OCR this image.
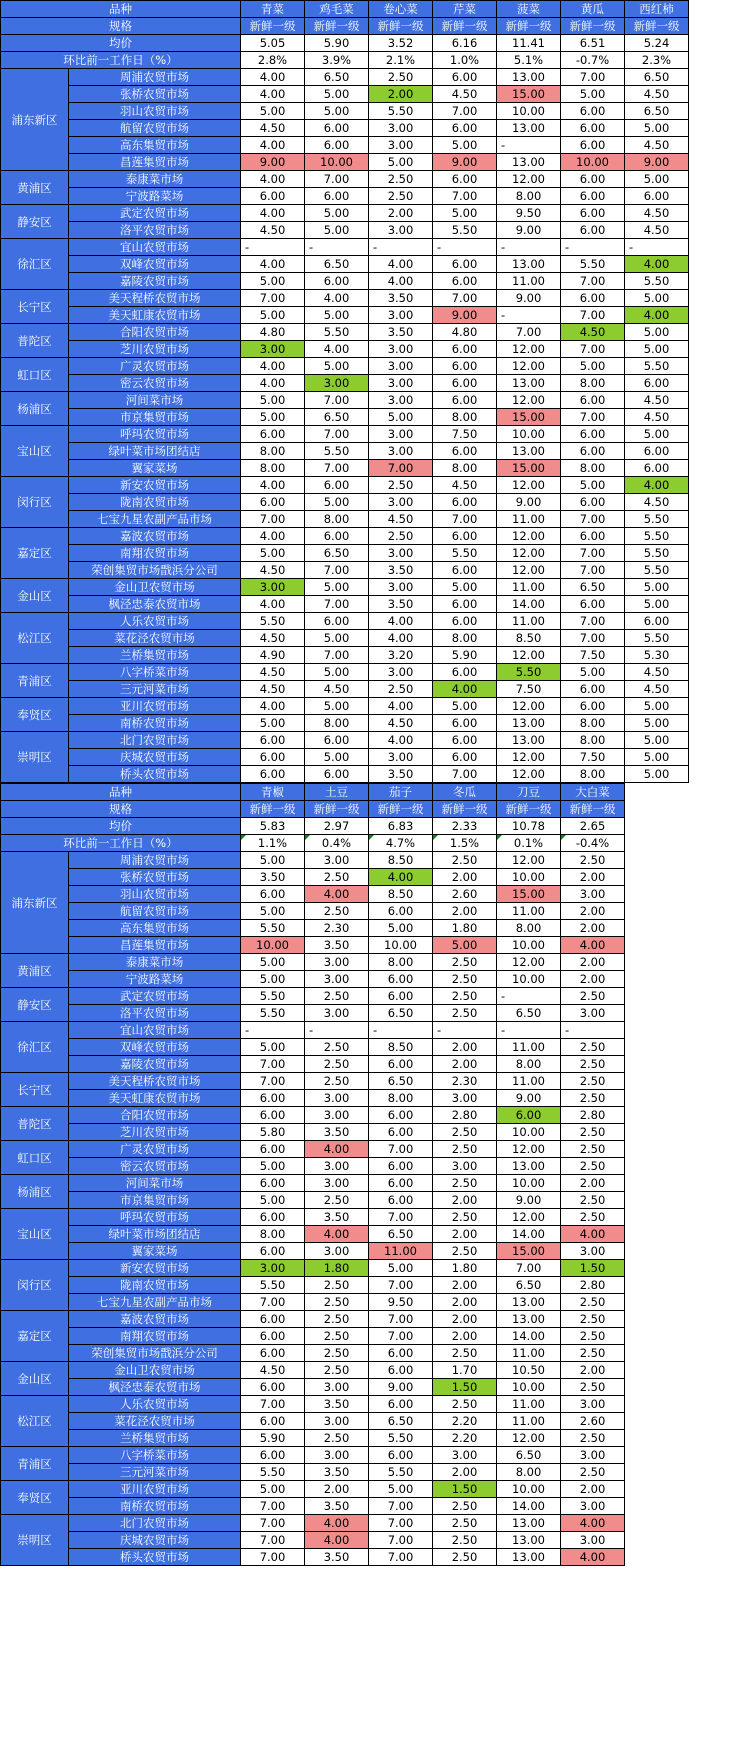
品种		青菜	鸡毛菜	卷心菜	芹菜	菠菜	黄瓜	西红柿
规格		新鲜一级	新鲜一级	新鲜一级	新鲜一级	新鲜一级	新鲜一级	新鲜一级
均价		5.05	5.90	3.52	6.16	11.41	6.51	5.24
环比前一工作日（%）		2.8%	3.9%	2.1%	1.0%	5.1%	-0.7%	2.3%
浦东新区	周浦农贸市场	4.00	6.50	2.50	6.00	13.00	7.00	6.50
	张桥农贸市场	4.00	5.00	2.00	4.50	15.00	5.00	4.50
	羽山农贸市场	5.00	5.00	5.50	7.00	10.00	6.00	6.50
	航留农贸市场	4.50	6.00	3.00	6.00	13.00	6.00	5.00
	高东集贸市场	4.00	6.00	3.00	5.00	-	6.00	4.50
	昌莲集贸市场	9.00	10.00	5.00	9.00	13.00	10.00	9.00
黄浦区	泰康菜市场	4.00	7.00	2.50	6.00	12.00	6.00	5.00
	宁波路菜场	6.00	6.00	2.50	7.00	8.00	6.00	6.00
静安区	武定农贸市场	4.00	5.00	2.00	5.00	9.50	6.00	4.50
	洛平农贸市场	4.50	5.00	3.00	5.50	9.00	6.00	4.50
徐汇区	宜山农贸市场	-	-	-	-	-	-	-
	双峰农贸市场	4.00	6.50	4.00	6.00	13.00	5.50	4.00
	嘉陵农贸市场	5.00	6.00	4.00	6.00	11.00	7.00	5.50
长宁区	美天程桥农贸市场	7.00	4.00	3.50	7.00	9.00	6.00	5.00
	美天虹康农贸市场	5.00	5.00	3.00	9.00	-	7.00	4.00
普陀区	合阳农贸市场	4.80	5.50	3.50	4.80	7.00	4.50	5.00
	芝川农贸市场	3.00	4.00	3.00	6.00	12.00	7.00	5.00
虹口区	广灵农贸市场	4.00	5.00	3.00	6.00	12.00	5.00	5.50
	密云农贸市场	4.00	3.00	3.00	6.00	13.00	8.00	6.00
杨浦区	河间菜市场	5.00	7.00	3.00	6.00	12.00	6.00	4.50
	市京集贸市场	5.00	6.50	5.00	8.00	15.00	7.00	4.50
宝山区	呼玛农贸市场	6.00	7.00	3.00	7.50	10.00	6.00	5.00
	绿叶菜市场团结店	8.00	5.50	3.00	6.00	13.00	6.00	6.00
	翼家菜场	8.00	7.00	7.00	8.00	15.00	8.00	6.00
闵行区	新安农贸市场	4.00	6.00	2.50	4.50	12.00	5.00	4.00
	陇南农贸市场	6.00	5.00	3.00	6.00	9.00	6.00	4.50
	七宝九星农副产品市场	7.00	8.00	4.50	7.00	11.00	7.00	5.50
嘉定区	嘉波农贸市场	4.00	6.00	2.50	6.00	12.00	6.00	5.50
	南翔农贸市场	5.00	6.50	3.00	5.50	12.00	7.00	5.50
	荣创集贸市场戬浜分公司	4.50	7.00	3.50	6.00	12.00	7.00	5.50
金山区	金山卫农贸市场	3.00	5.00	3.00	5.00	11.00	6.50	5.00
	枫泾忠泰农贸市场	4.00	7.00	3.50	6.00	14.00	6.00	5.00
松江区	人乐农贸市场	5.50	6.00	4.00	6.00	11.00	7.00	6.00
	菜花泾农贸市场	4.50	5.00	4.00	8.00	8.50	7.00	5.50
	兰桥集贸市场	4.90	7.00	3.20	5.90	12.00	7.50	5.30
青浦区	八字桥菜市场	4.50	5.00	3.00	6.00	5.50	5.00	4.50
	三元河菜市场	4.50	4.50	2.50	4.00	7.50	6.00	4.50
奉贤区	亚川农贸市场	4.00	5.00	4.00	5.00	12.00	6.00	5.00
	南桥农贸市场	5.00	8.00	4.50	6.00	13.00	8.00	5.00
崇明区	北门农贸市场	6.00	6.00	4.00	6.00	13.00	8.00	5.00
	庆城农贸市场	6.00	5.00	3.00	6.00	12.00	7.50	5.00
	桥头农贸市场	6.00	6.00	3.50	7.00	12.00	8.00	5.00
品种		青椒	土豆	茄子	冬瓜	刀豆	大白菜	
规格		新鲜一级	新鲜一级	新鲜一级	新鲜一级	新鲜一级	新鲜一级	
均价		5.83	2.97	6.83	2.33	10.78	2.65	
环比前一工作日（%）		1.1%	0.4%	4.7%	1.5%	0.1%	-0.4%	
浦东新区	周浦农贸市场	5.00	3.00	8.50	2.50	12.00	2.50	
	张桥农贸市场	3.50	2.50	4.00	2.00	10.00	2.00	
	羽山农贸市场	6.00	4.00	8.50	2.60	15.00	3.00	
	航留农贸市场	5.00	2.50	6.00	2.00	11.00	2.00	
	高东集贸市场	5.50	2.30	5.00	1.80	8.00	2.00	
	昌莲集贸市场	10.00	3.50	10.00	5.00	10.00	4.00	
黄浦区	泰康菜市场	5.00	3.00	8.00	2.50	12.00	2.00	
	宁波路菜场	5.00	3.00	6.00	2.50	10.00	2.00	
静安区	武定农贸市场	5.50	2.50	6.00	2.50	-	2.50	
	洛平农贸市场	5.50	3.00	6.50	2.50	6.50	3.00	
徐汇区	宜山农贸市场	-	-	-	-	-	-	
	双峰农贸市场	5.00	2.50	8.50	2.00	11.00	2.50	
	嘉陵农贸市场	7.00	2.50	6.00	2.00	8.00	2.50	
长宁区	美天程桥农贸市场	7.00	2.50	6.50	2.30	11.00	2.50	
	美天虹康农贸市场	6.00	3.00	8.00	3.00	9.00	2.50	
普陀区	合阳农贸市场	6.00	3.00	6.00	2.80	6.00	2.80	
	芝川农贸市场	5.80	3.50	6.00	2.50	10.00	2.50	
虹口区	广灵农贸市场	6.00	4.00	7.00	2.50	12.00	2.50	
	密云农贸市场	5.00	3.00	6.00	3.00	13.00	2.50	
杨浦区	河间菜市场	6.00	3.00	6.00	2.50	10.00	2.00	
	市京集贸市场	5.00	2.50	6.00	2.00	9.00	2.50	
宝山区	呼玛农贸市场	6.00	3.50	7.00	2.50	12.00	2.50	
	绿叶菜市场团结店	8.00	4.00	6.50	2.00	14.00	4.00	
	翼家菜场	6.00	3.00	11.00	2.50	15.00	3.00	
闵行区	新安农贸市场	3.00	1.80	5.00	1.80	7.00	1.50	
	陇南农贸市场	5.50	2.50	7.00	2.00	6.50	2.80	
	七宝九星农副产品市场	7.00	2.50	9.50	2.00	13.00	2.50	
嘉定区	嘉波农贸市场	6.00	2.50	7.00	2.00	13.00	2.50	
	南翔农贸市场	6.00	2.50	7.00	2.00	14.00	2.50	
	荣创集贸市场戬浜分公司	6.00	2.50	6.00	2.50	11.00	2.50	
金山区	金山卫农贸市场	4.50	2.50	6.00	1.70	10.50	2.00	
	枫泾忠泰农贸市场	6.00	3.00	9.00	1.50	10.00	2.50	
松江区	人乐农贸市场	7.00	3.50	6.00	2.50	11.00	3.00	
	菜花泾农贸市场	6.00	3.00	6.50	2.20	11.00	2.60	
	兰桥集贸市场	5.90	2.50	5.50	2.20	12.00	2.50	
青浦区	八字桥菜市场	6.00	3.00	6.00	3.00	6.50	3.00	
	三元河菜市场	5.50	3.50	5.50	2.00	8.00	2.50	
奉贤区	亚川农贸市场	5.00	2.00	5.00	1.50	10.00	2.00	
	南桥农贸市场	7.00	3.50	7.00	2.50	14.00	3.00	
崇明区	北门农贸市场	7.00	4.00	7.00	2.50	13.00	4.00	
	庆城农贸市场	7.00	4.00	7.00	2.50	13.00	3.00	
	桥头农贸市场	7.00	3.50	7.00	2.50	13.00	4.00	
